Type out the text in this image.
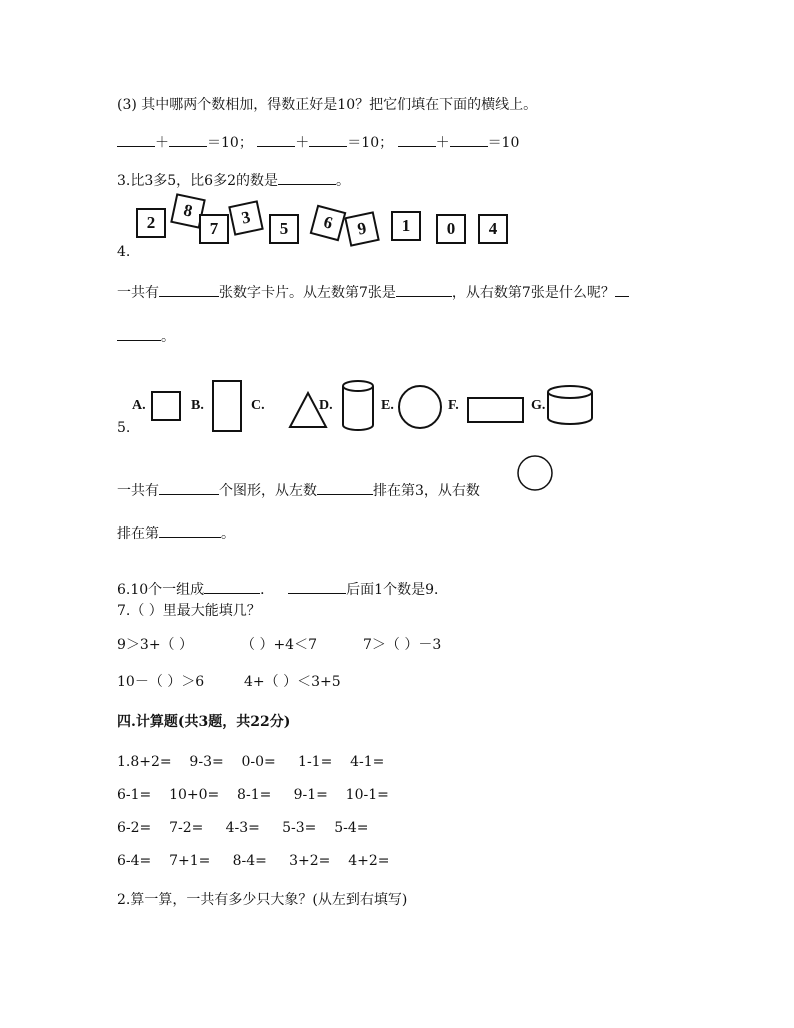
(3) 其中哪两个数相加，得数正好是10？把它们填在下面的横线上。
＋	＝10；	＋	＝10；	＋	＝10
3.比3多5，比6多2的数是	。
2
8
7
3
5	6	9	1	0	4
4.
一共有	张数字卡片。从左数第7张是	，从右数第7张是什么呢？
。
A.	B.	C.	D.	E.	F.	G.
5.
一共有	个图形，从左数	排在第3，从右数
排在第	。
6.10个一组成	．	后面1个数是9．
7.（ ）里最大能填几？
9＞3+（ ）	（ ）+4＜7	7＞（ ）－3
10－（ ）＞6	4+（ ）＜3+5
四.计算题(共3题，共22分)
1.8+2=    9-3=    0-0=     1-1=    4-1=
6-1=    10+0=    8-1=     9-1=    10-1=
6-2=    7-2=     4-3=     5-3=    5-4=
6-4=    7+1=     8-4=     3+2=    4+2=
2.算一算，一共有多少只大象？(从左到右填写)
